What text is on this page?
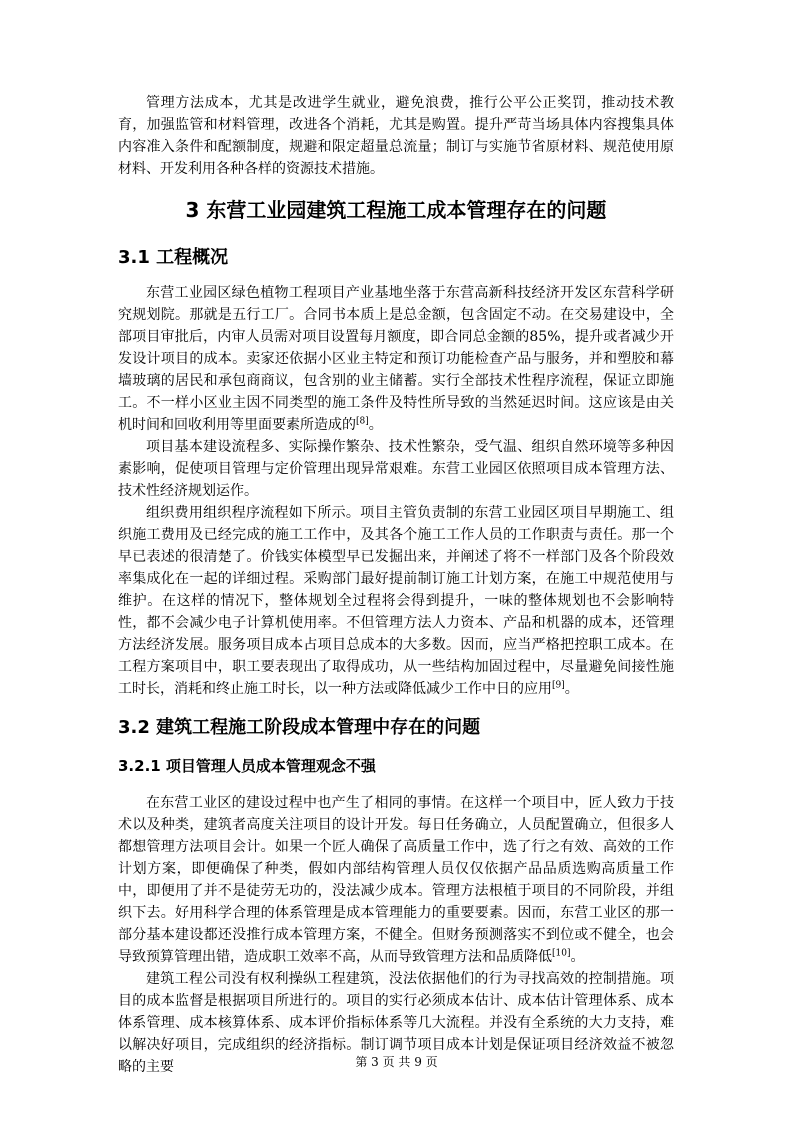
管理方法成本，尤其是改进学生就业，避免浪费，推行公平公正奖罚，推动技术教育，加强监管和材料管理，改进各个消耗，尤其是购置。提升严苛当场具体内容搜集具体内容准入条件和配额制度，规避和限定超量总流量；制订与实施节省原材料、规范使用原材料、开发利用各种各样的资源技术措施。

3 东营工业园建筑工程施工成本管理存在的问题
3.1 工程概况

东营工业园区绿色植物工程项目产业基地坐落于东营高新科技经济开发区东营科学研究规划院。那就是五行工厂。合同书本质上是总金额，包含固定不动。在交易建设中，全部项目审批后，内审人员需对项目设置每月额度，即合同总金额的85%，提升或者减少开发设计项目的成本。卖家还依据小区业主特定和预订功能检查产品与服务，并和塑胶和幕墙玻璃的居民和承包商商议，包含别的业主储蓄。实行全部技术性程序流程，保证立即施工。不一样小区业主因不同类型的施工条件及特性所导致的当然延迟时间。这应该是由关机时间和回收利用等里面要素所造成的[8]。

项目基本建设流程多、实际操作繁杂、技术性繁杂，受气温、组织自然环境等多种因素影响，促使项目管理与定价管理出现异常艰难。东营工业园区依照项目成本管理方法、技术性经济规划运作。

组织费用组织程序流程如下所示。项目主管负责制的东营工业园区项目早期施工、组织施工费用及已经完成的施工工作中，及其各个施工工作人员的工作职责与责任。那一个早已表述的很清楚了。价钱实体模型早已发掘出来，并阐述了将不一样部门及各个阶段效率集成化在一起的详细过程。采购部门最好提前制订施工计划方案，在施工中规范使用与维护。在这样的情况下，整体规划全过程将会得到提升，一味的整体规划也不会影响特性，都不会减少电子计算机使用率。不但管理方法人力资本、产品和机器的成本，还管理方法经济发展。服务项目成本占项目总成本的大多数。因而，应当严格把控职工成本。在工程方案项目中，职工要表现出了取得成功，从一些结构加固过程中，尽量避免间接性施工时长，消耗和终止施工时长，以一种方法或降低减少工作中日的应用[9]。

3.2 建筑工程施工阶段成本管理中存在的问题
3.2.1 项目管理人员成本管理观念不强

在东营工业区的建设过程中也产生了相同的事情。在这样一个项目中，匠人致力于技术以及种类，建筑者高度关注项目的设计开发。每日任务确立，人员配置确立，但很多人都想管理方法项目会计。如果一个匠人确保了高质量工作中，选了行之有效、高效的工作计划方案，即便确保了种类，假如内部结构管理人员仅仅依据产品品质选购高质量工作中，即便用了并不是徒劳无功的，没法减少成本。管理方法根植于项目的不同阶段，并组织下去。好用科学合理的体系管理是成本管理能力的重要要素。因而，东营工业区的那一部分基本建设都还没推行成本管理方案，不健全。但财务预测落实不到位或不健全，也会导致预算管理出错，造成职工效率不高，从而导致管理方法和品质降低[10]。

建筑工程公司没有权利操纵工程建筑，没法依据他们的行为寻找高效的控制措施。项目的成本监督是根据项目所进行的。项目的实行必须成本估计、成本估计管理体系、成本体系管理、成本核算体系、成本评价指标体系等几大流程。并没有全系统的大力支持，难以解决好项目，完成组织的经济指标。制订调节项目成本计划是保证项目经济效益不被忽略的主要	第 3 页 共 9 页
